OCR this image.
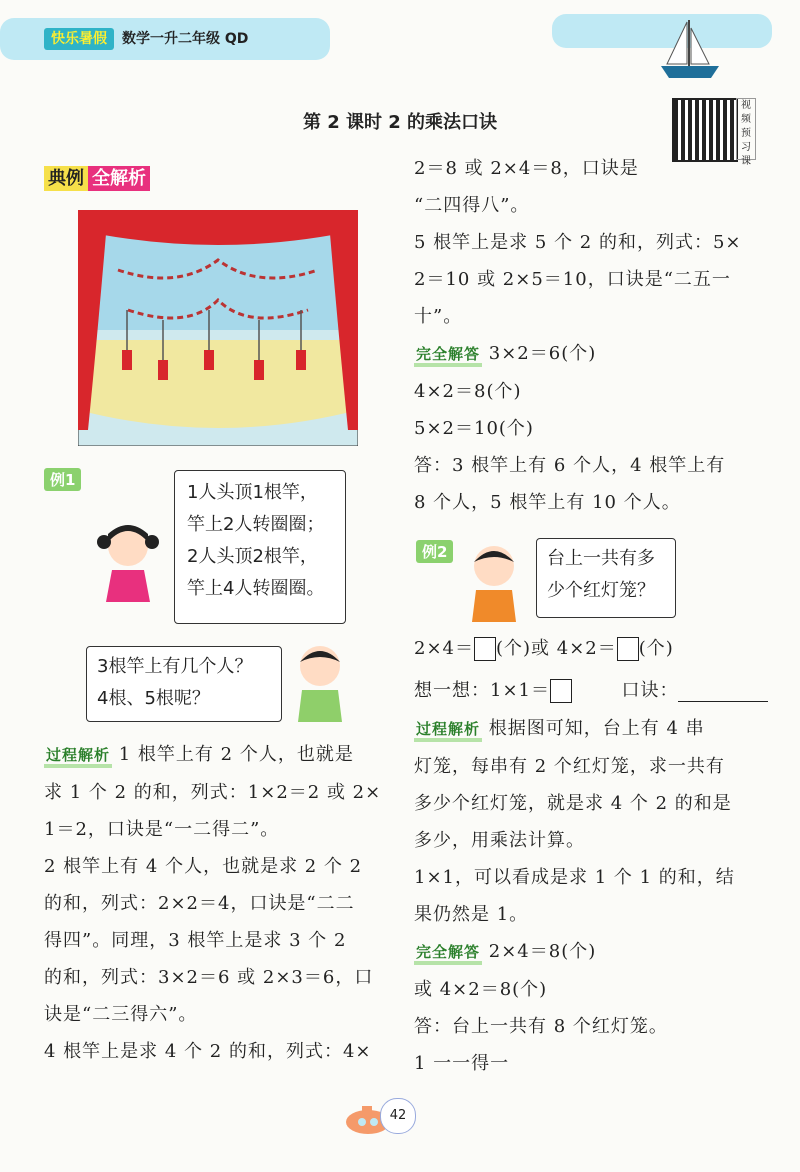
快乐暑假	数学一升二年级 QD
第 2 课时 2 的乘法口诀
视频预习课
典例 全解析
例1
1人头顶1根竿，
竿上2人转圈圈；
2人头顶2根竿，
竿上4人转圈圈。
3根竿上有几个人？
4根、5根呢？
过程解析 1 根竿上有 2 个人，也就是
求 1 个 2 的和，列式：1×2＝2 或 2×
1＝2，口诀是“一二得二”。
2 根竿上有 4 个人，也就是求 2 个 2
的和，列式：2×2＝4，口诀是“二二
得四”。同理，3 根竿上是求 3 个 2
的和，列式：3×2＝6 或 2×3＝6，口
诀是“二三得六”。
4 根竿上是求 4 个 2 的和，列式：4×
2＝8 或 2×4＝8，口诀是
“二四得八”。
5 根竿上是求 5 个 2 的和，列式：5×
2＝10 或 2×5＝10，口诀是“二五一
十”。
完全解答 3×2＝6(个)
4×2＝8(个)
5×2＝10(个)
答：3 根竿上有 6 个人，4 根竿上有
8 个人，5 根竿上有 10 个人。
例2	台上一共有多
少个红灯笼？
2×4＝ (个)或 4×2＝ (个)
想一想：1×1＝	口诀：
过程解析 根据图可知，台上有 4 串
灯笼，每串有 2 个红灯笼，求一共有
多少个红灯笼，就是求 4 个 2 的和是
多少，用乘法计算。
1×1，可以看成是求 1 个 1 的和，结
果仍然是 1。
完全解答 2×4＝8(个)
或 4×2＝8(个)
答：台上一共有 8 个红灯笼。
1 一一得一
42
